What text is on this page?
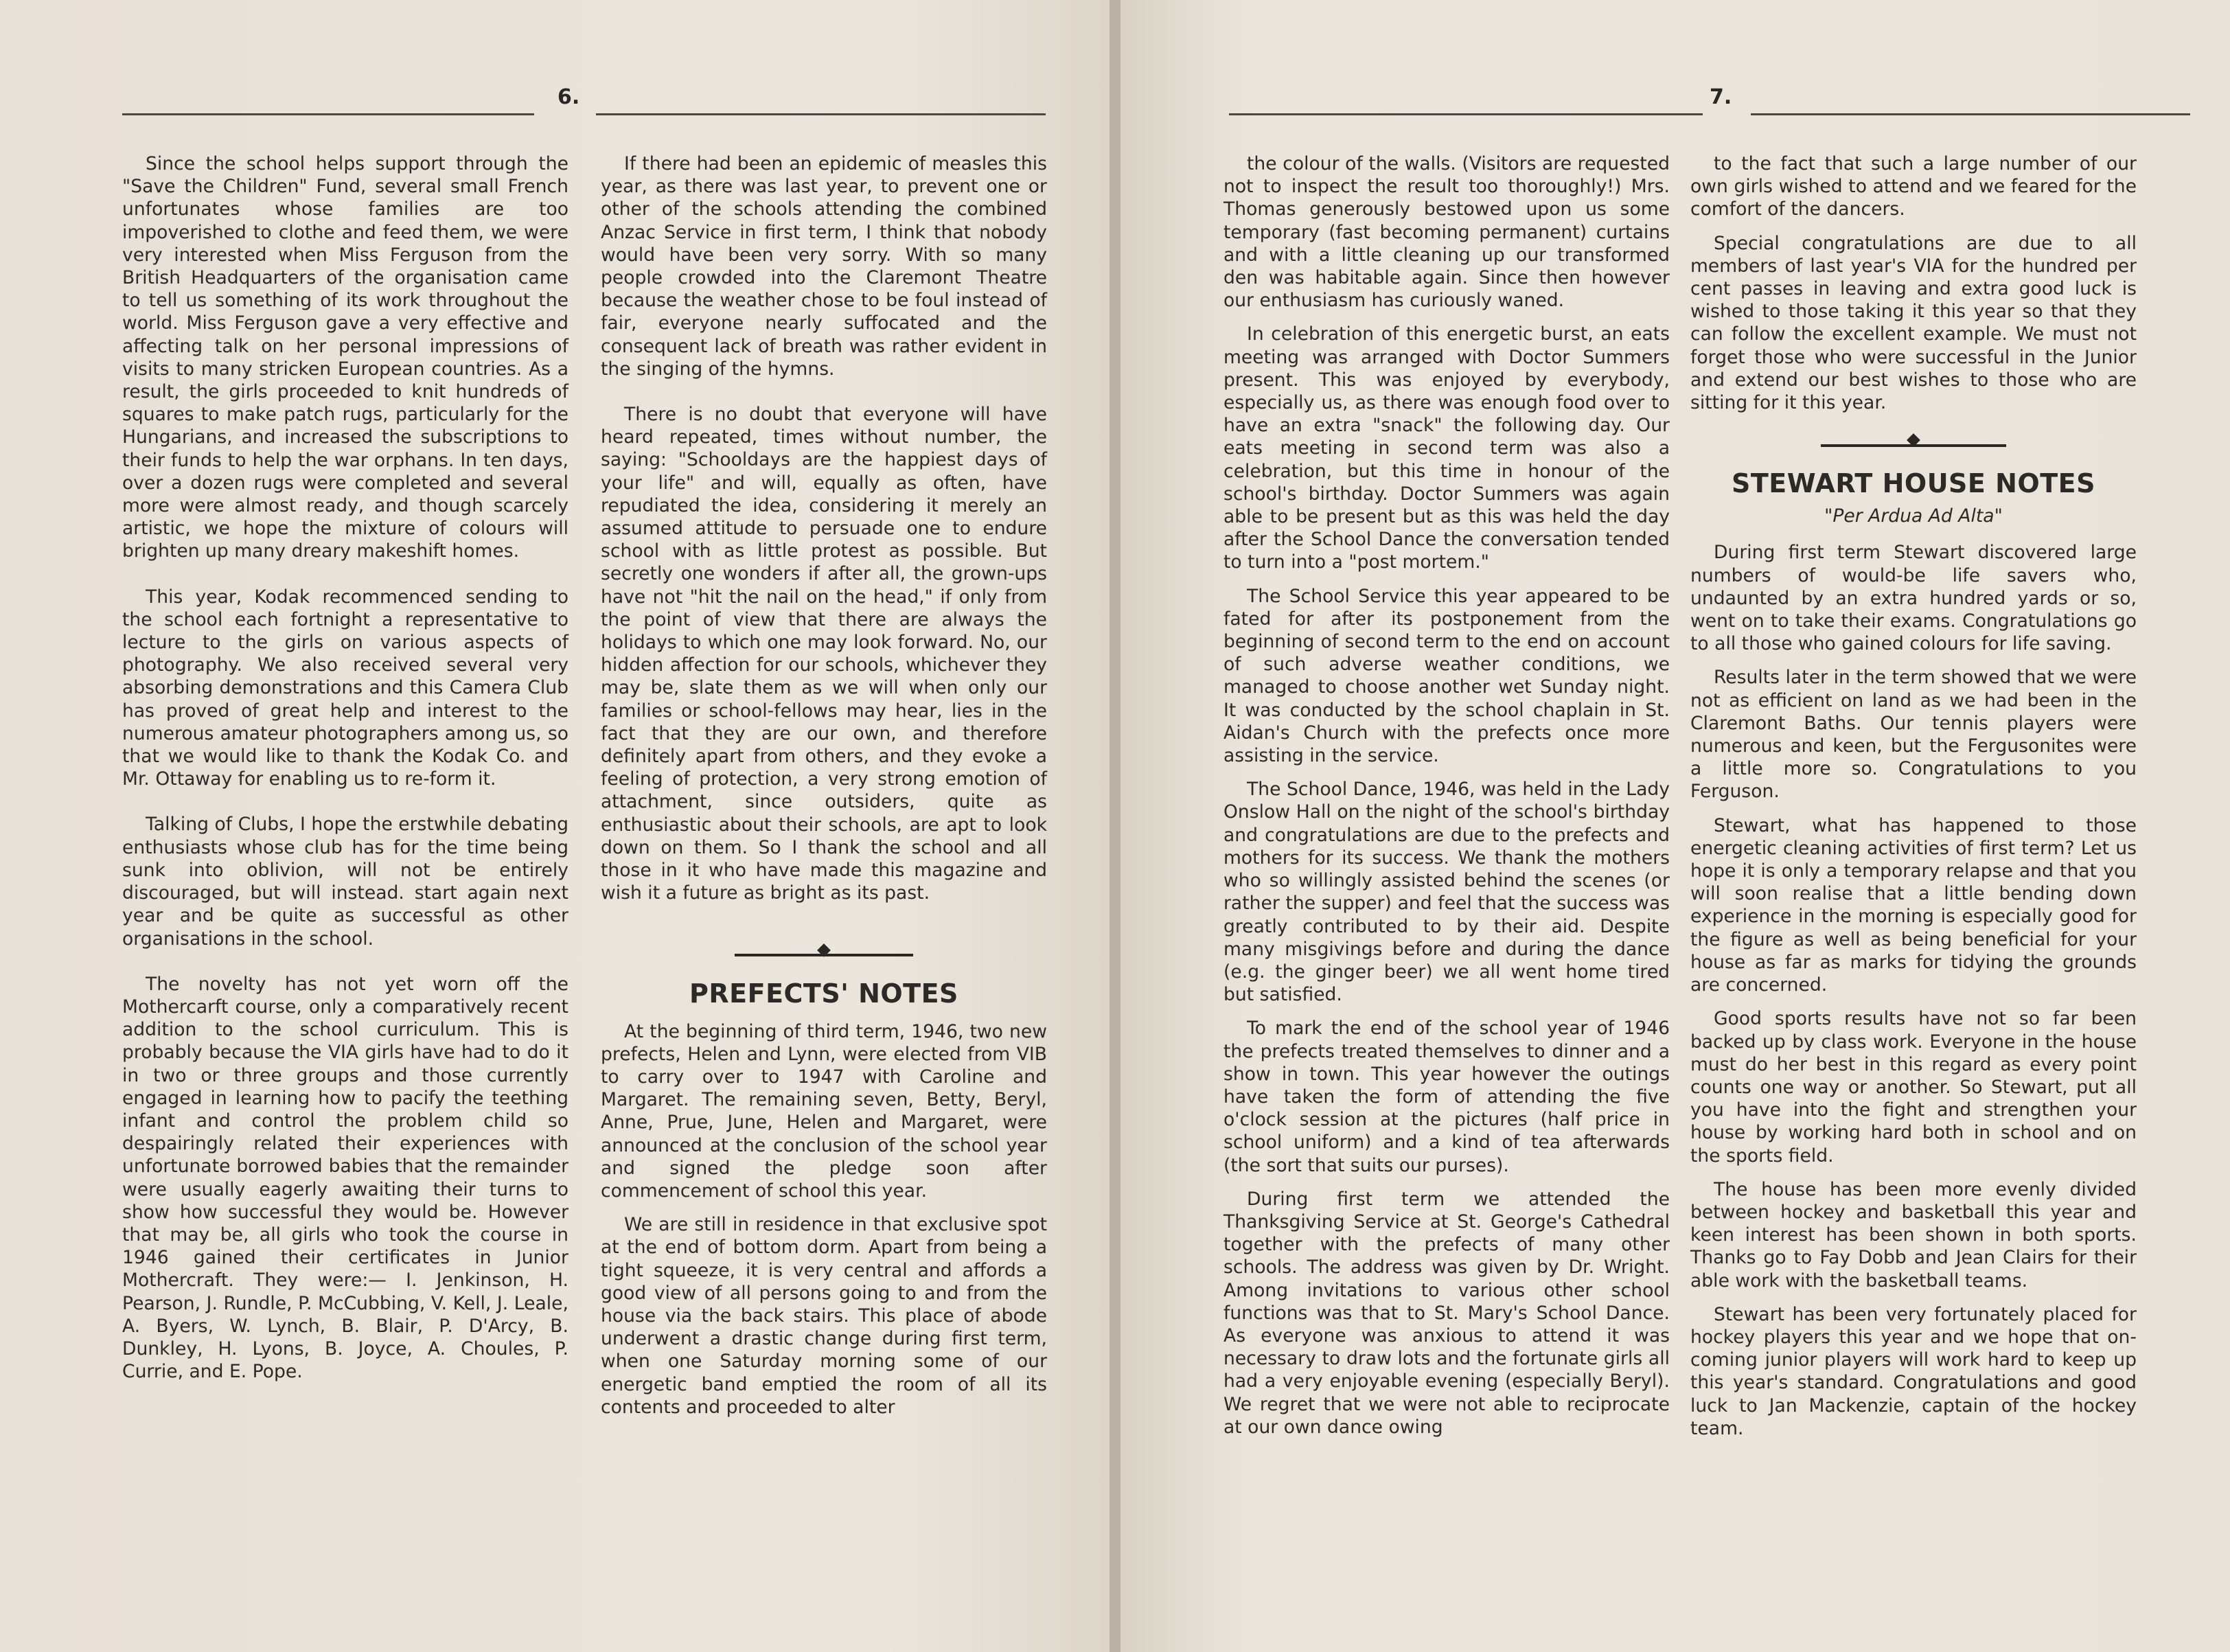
6.

Since the school helps support through the "Save the Children" Fund, several small French unfortunates whose families are too impoverished to clothe and feed them, we were very interested when Miss Ferguson from the British Headquarters of the organisation came to tell us something of its work throughout the world. Miss Ferguson gave a very effective and affecting talk on her personal impressions of visits to many stricken European countries. As a result, the girls proceeded to knit hundreds of squares to make patch rugs, particularly for the Hungarians, and increased the subscriptions to their funds to help the war orphans. In ten days, over a dozen rugs were completed and several more were almost ready, and though scarcely artistic, we hope the mixture of colours will brighten up many dreary makeshift homes.

This year, Kodak recommenced sending to the school each fortnight a representative to lecture to the girls on various aspects of photography. We also received several very absorbing demonstrations and this Camera Club has proved of great help and interest to the numerous amateur photographers among us, so that we would like to thank the Kodak Co. and Mr. Ottaway for enabling us to re-form it.

Talking of Clubs, I hope the erstwhile debating enthusiasts whose club has for the time being sunk into oblivion, will not be entirely discouraged, but will instead. start again next year and be quite as successful as other organisations in the school.

The novelty has not yet worn off the Mothercarft course, only a comparatively recent addition to the school curriculum. This is probably because the VIA girls have had to do it in two or three groups and those currently engaged in learning how to pacify the teething infant and control the problem child so despairingly related their experiences with unfortunate borrowed babies that the remainder were usually eagerly awaiting their turns to show how successful they would be. However that may be, all girls who took the course in 1946 gained their certificates in Junior Mothercraft. They were:— I. Jenkinson, H. Pearson, J. Rundle, P. McCubbing, V. Kell, J. Leale, A. Byers, W. Lynch, B. Blair, P. D'Arcy, B. Dunkley, H. Lyons, B. Joyce, A. Choules, P. Currie, and E. Pope.

If there had been an epidemic of measles this year, as there was last year, to prevent one or other of the schools attending the combined Anzac Service in first term, I think that nobody would have been very sorry. With so many people crowded into the Claremont Theatre because the weather chose to be foul instead of fair, everyone nearly suffocated and the consequent lack of breath was rather evident in the singing of the hymns.

There is no doubt that everyone will have heard repeated, times without number, the saying: "Schooldays are the happiest days of your life" and will, equally as often, have repudiated the idea, considering it merely an assumed attitude to persuade one to endure school with as little protest as possible. But secretly one wonders if after all, the grown-ups have not "hit the nail on the head," if only from the point of view that there are always the holidays to which one may look forward. No, our hidden affection for our schools, whichever they may be, slate them as we will when only our families or school-fellows may hear, lies in the fact that they are our own, and therefore definitely apart from others, and they evoke a feeling of protection, a very strong emotion of attachment, since outsiders, quite as enthusiastic about their schools, are apt to look down on them. So I thank the school and all those in it who have made this magazine and wish it a future as bright as its past.

PREFECTS' NOTES

At the beginning of third term, 1946, two new prefects, Helen and Lynn, were elected from VIB to carry over to 1947 with Caroline and Margaret. The remaining seven, Betty, Beryl, Anne, Prue, June, Helen and Margaret, were announced at the conclusion of the school year and signed the pledge soon after commencement of school this year.

We are still in residence in that exclusive spot at the end of bottom dorm. Apart from being a tight squeeze, it is very central and affords a good view of all persons going to and from the house via the back stairs. This place of abode underwent a drastic change during first term, when one Saturday morning some of our energetic band emptied the room of all its contents and proceeded to alter

7.

the colour of the walls. (Visitors are requested not to inspect the result too thoroughly!) Mrs. Thomas generously bestowed upon us some temporary (fast becoming permanent) curtains and with a little cleaning up our transformed den was habitable again. Since then however our enthusiasm has curiously waned.

In celebration of this energetic burst, an eats meeting was arranged with Doctor Summers present. This was enjoyed by everybody, especially us, as there was enough food over to have an extra "snack" the following day. Our eats meeting in second term was also a celebration, but this time in honour of the school's birthday. Doctor Summers was again able to be present but as this was held the day after the School Dance the conversation tended to turn into a "post mortem."

The School Service this year appeared to be fated for after its postponement from the beginning of second term to the end on account of such adverse weather conditions, we managed to choose another wet Sunday night. It was conducted by the school chaplain in St. Aidan's Church with the prefects once more assisting in the service.

The School Dance, 1946, was held in the Lady Onslow Hall on the night of the school's birthday and congratulations are due to the prefects and mothers for its success. We thank the mothers who so willingly assisted behind the scenes (or rather the supper) and feel that the success was greatly contributed to by their aid. Despite many misgivings before and during the dance (e.g. the ginger beer) we all went home tired but satisfied.

To mark the end of the school year of 1946 the prefects treated themselves to dinner and a show in town. This year however the outings have taken the form of attending the five o'clock session at the pictures (half price in school uniform) and a kind of tea afterwards (the sort that suits our purses).

During first term we attended the Thanksgiving Service at St. George's Cathedral together with the prefects of many other schools. The address was given by Dr. Wright. Among invitations to various other school functions was that to St. Mary's School Dance. As everyone was anxious to attend it was necessary to draw lots and the fortunate girls all had a very enjoyable evening (especially Beryl). We regret that we were not able to reciprocate at our own dance owing

to the fact that such a large number of our own girls wished to attend and we feared for the comfort of the dancers.

Special congratulations are due to all members of last year's VIA for the hundred per cent passes in leaving and extra good luck is wished to those taking it this year so that they can follow the excellent example. We must not forget those who were successful in the Junior and extend our best wishes to those who are sitting for it this year.

STEWART HOUSE NOTES
"Per Ardua Ad Alta"

During first term Stewart discovered large numbers of would-be life savers who, undaunted by an extra hundred yards or so, went on to take their exams. Congratulations go to all those who gained colours for life saving.

Results later in the term showed that we were not as efficient on land as we had been in the Claremont Baths. Our tennis players were numerous and keen, but the Fergusonites were a little more so. Congratulations to you Ferguson.

Stewart, what has happened to those energetic cleaning activities of first term? Let us hope it is only a temporary relapse and that you will soon realise that a little bending down experience in the morning is especially good for the figure as well as being beneficial for your house as far as marks for tidying the grounds are concerned.

Good sports results have not so far been backed up by class work. Everyone in the house must do her best in this regard as every point counts one way or another. So Stewart, put all you have into the fight and strengthen your house by working hard both in school and on the sports field.

The house has been more evenly divided between hockey and basketball this year and keen interest has been shown in both sports. Thanks go to Fay Dobb and Jean Clairs for their able work with the basketball teams.

Stewart has been very fortunately placed for hockey players this year and we hope that on-coming junior players will work hard to keep up this year's standard. Congratulations and good luck to Jan Mackenzie, captain of the hockey team.
